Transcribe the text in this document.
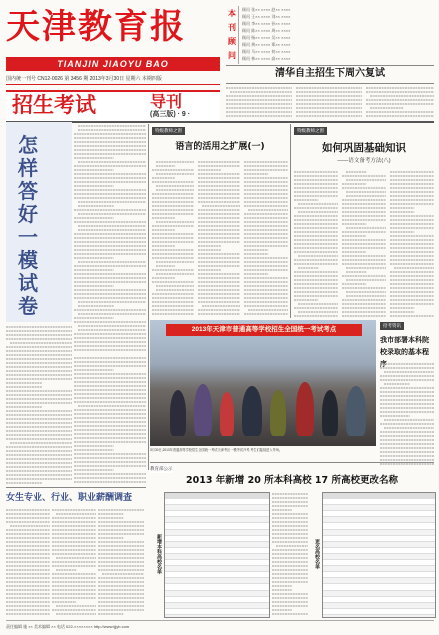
天津教育报
TIANJIN JIAOYU BAO
国内统一刊号 CN12-0026 第 3456 期 2013年3月30日 星期六 本期四版
招生考试	导刊
(高三版) · 9 ·
本刊顾问
顾问 张×× ×××× 赵×× ××××
顾问 王×× ×××× 刘×× ××××
顾问 李×× ×××× 孙×× ××××
顾问 陈×× ×××× 周×× ××××
顾问 杨×× ×××× 吴×× ××××
顾问 黄×× ×××× 郑×× ××××
顾问 马×× ×××× 何×× ××××
顾问 林×× ×××× 高×× ××××
清华自主招生下周六复试
怎样答好一模试卷
特级教师之窗
语言的活用之扩展(一)
特级教师之窗
如何巩固基础知识
——语文备考方法(八)
2013年天津市普通高等学校招生全国统一考试考点
3月30日,2013年普通高等学校招生全国统一考试天津考区一模考试开考,考生们陆续进入考场。
招考资讯
我市部署本科院校录取的基本程序
教育部公示
2013 年新增 20 所本科高校 17 所高校更改名称
女生专业、行业、职业薪酬调查
新增本科高校名单	更名高校名单
责任编辑 施 ×× 美术编辑 ×× 电话 022-×××××××× http://www.tjjyb.com
